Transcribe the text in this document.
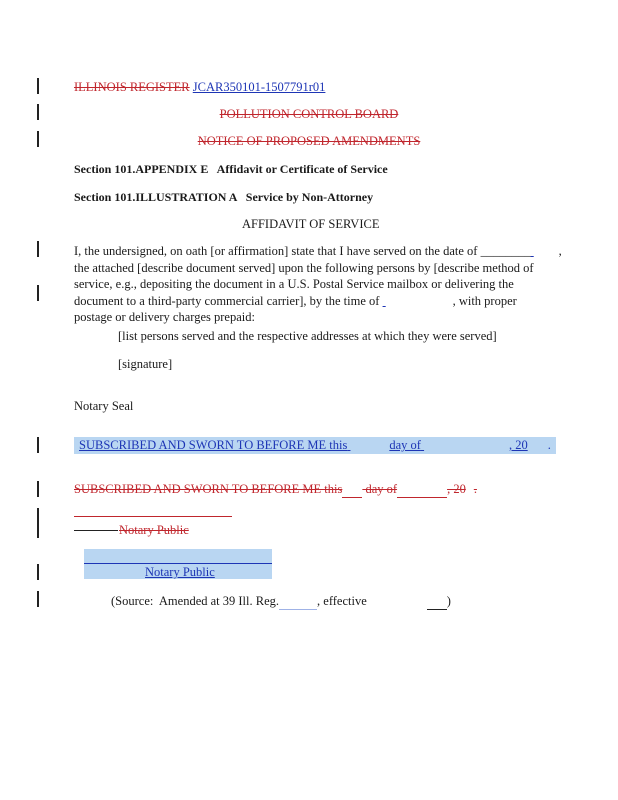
ILLINOIS REGISTER JCAR350101-1507791r01
POLLUTION CONTROL BOARD
NOTICE OF PROPOSED AMENDMENTS
Section 101.APPENDIX E   Affidavit or Certificate of Service
Section 101.ILLUSTRATION A   Service by Non-Attorney
AFFIDAVIT OF SERVICE
I, the undersigned, on oath [or affirmation] state that I have served on the date of ________ ,
the attached [describe document served] upon the following persons by [describe method of
service, e.g., depositing the document in a U.S. Postal Service mailbox or delivering the
document to a third-party commercial carrier], by the time of	, with proper
postage or delivery charges prepaid:
[list persons served and the respective addresses at which they were served]
[signature]
Notary Seal
SUBSCRIBED AND SWORN TO BEFORE ME this	day of	, 20 .
SUBSCRIBED AND SWORN TO BEFORE ME this day of	, 20 .
Notary Public
Notary Public
(Source:  Amended at 39 Ill. Reg.	, effective	)
